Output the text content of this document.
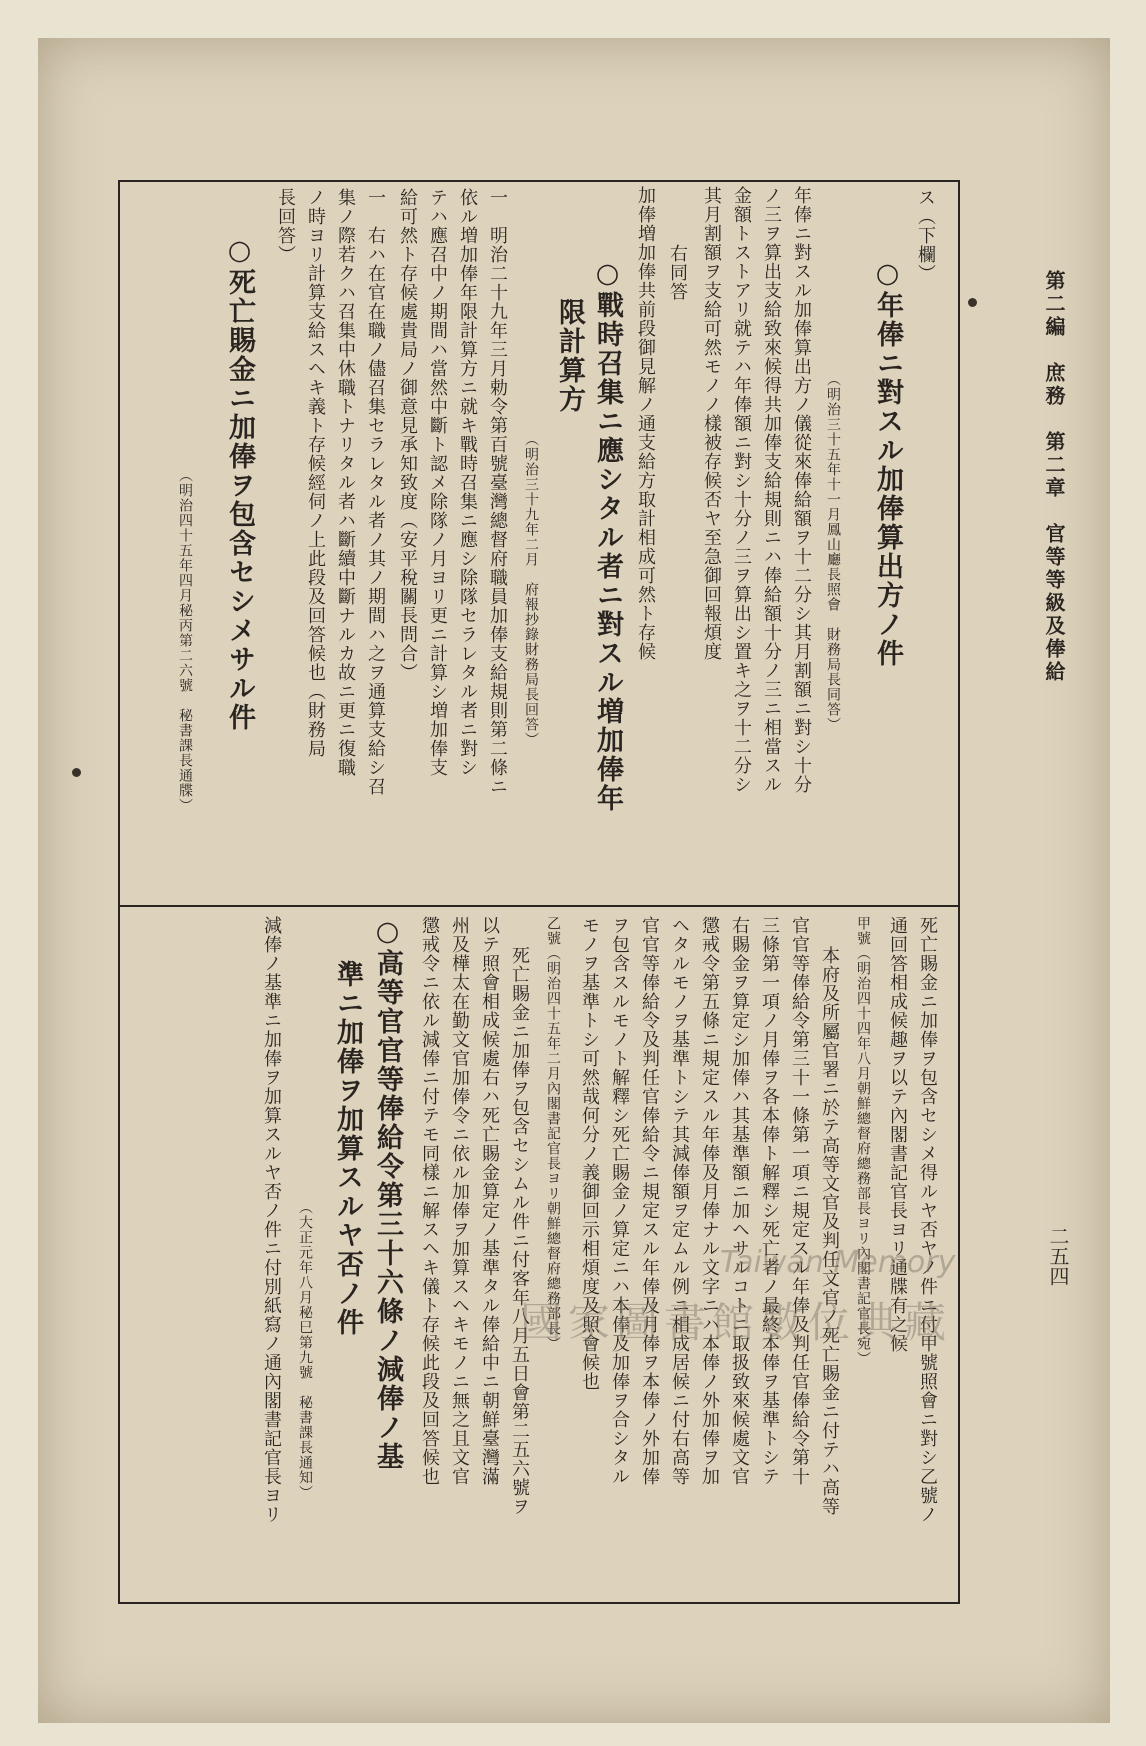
第二編　庶務　第二章　官等等級及俸給
二五四
ス（下欄）
○年俸ニ對スル加俸算出方ノ件
（明治三十五年十一月鳳山廳長照會　財務局長同答）
年俸ニ對スル加俸算出方ノ儀從來俸給額ヲ十二分シ其月割額ニ對シ十分
ノ三ヲ算出支給致來候得共加俸支給規則ニハ俸給額十分ノ三ニ相當スル
金額トストアリ就テハ年俸額ニ對シ十分ノ三ヲ算出シ置キ之ヲ十二分シ
其月割額ヲ支給可然モノノ樣被存候否ヤ至急御回報煩度
右同答
加俸増加俸共前段御見解ノ通支給方取計相成可然ト存候
○戰時召集ニ應シタル者ニ對スル増加俸年
限計算方
（明治三十九年二月　府報抄錄財務局長回答）
一　明治二十九年三月勅令第百號臺灣總督府職員加俸支給規則第二條ニ
依ル増加俸年限計算方ニ就キ戰時召集ニ應シ除隊セラレタル者ニ對シ
テハ應召中ノ期間ハ當然中斷ト認メ除隊ノ月ヨリ更ニ計算シ増加俸支
給可然ト存候處貴局ノ御意見承知致度（安平稅關長問合）
一　右ハ在官在職ノ儘召集セラレタル者ノ其ノ期間ハ之ヲ通算支給シ召
集ノ際若クハ召集中休職トナリタル者ハ斷續中斷ナルカ故ニ更ニ復職
ノ時ヨリ計算支給スヘキ義ト存候經伺ノ上此段及回答候也（財務局
長回答）
○死亡賜金ニ加俸ヲ包含セシメサル件
（明治四十五年四月秘丙第二六號　秘書課長通牒）
死亡賜金ニ加俸ヲ包含セシメ得ルヤ否ヤノ件ニ付甲號照會ニ對シ乙號ノ
通回答相成候趣ヲ以テ內閣書記官長ヨリ通牒有之候
甲號（明治四十四年八月朝鮮總督府總務部長ヨリ內閣書記官長宛）
本府及所屬官署ニ於テ高等文官及判任文官ノ死亡賜金ニ付テハ高等
官官等俸給令第三十一條第一項ニ規定スル年俸及判任官俸給令第十
三條第一項ノ月俸ヲ各本俸ト解釋シ死亡者ノ最終本俸ヲ基準トシテ
右賜金ヲ算定シ加俸ハ其基準額ニ加ヘサルコトニ取扱致來候處文官
懲戒令第五條ニ規定スル年俸及月俸ナル文字ニハ本俸ノ外加俸ヲ加
ヘタルモノヲ基準トシテ其減俸額ヲ定ムル例ニ相成居候ニ付右高等
官官等俸給令及判任官俸給令ニ規定スル年俸及月俸ヲ本俸ノ外加俸
ヲ包含スルモノト解釋シ死亡賜金ノ算定ニハ本俸及加俸ヲ合シタル
モノヲ基準トシ可然哉何分ノ義御回示相煩度及照會候也
乙號（明治四十五年二月內閣書記官長ヨリ朝鮮總督府總務部長）
死亡賜金ニ加俸ヲ包含セシムル件ニ付客年八月五日會第二五六號ヲ
以テ照會相成候處右ハ死亡賜金算定ノ基準タル俸給中ニ朝鮮臺灣滿
州及樺太在勤文官加俸令ニ依ル加俸ヲ加算スヘキモノニ無之且文官
懲戒令ニ依ル減俸ニ付テモ同樣ニ解スヘキ儀ト存候此段及回答候也
○高等官官等俸給令第三十六條ノ減俸ノ基
準ニ加俸ヲ加算スルヤ否ノ件
（大正元年八月秘巳第九號　秘書課長通知）
減俸ノ基準ニ加俸ヲ加算スルヤ否ノ件ニ付別紙寫ノ通內閣書記官長ヨリ	Taiwan Memory
國家圖書館數位典藏
